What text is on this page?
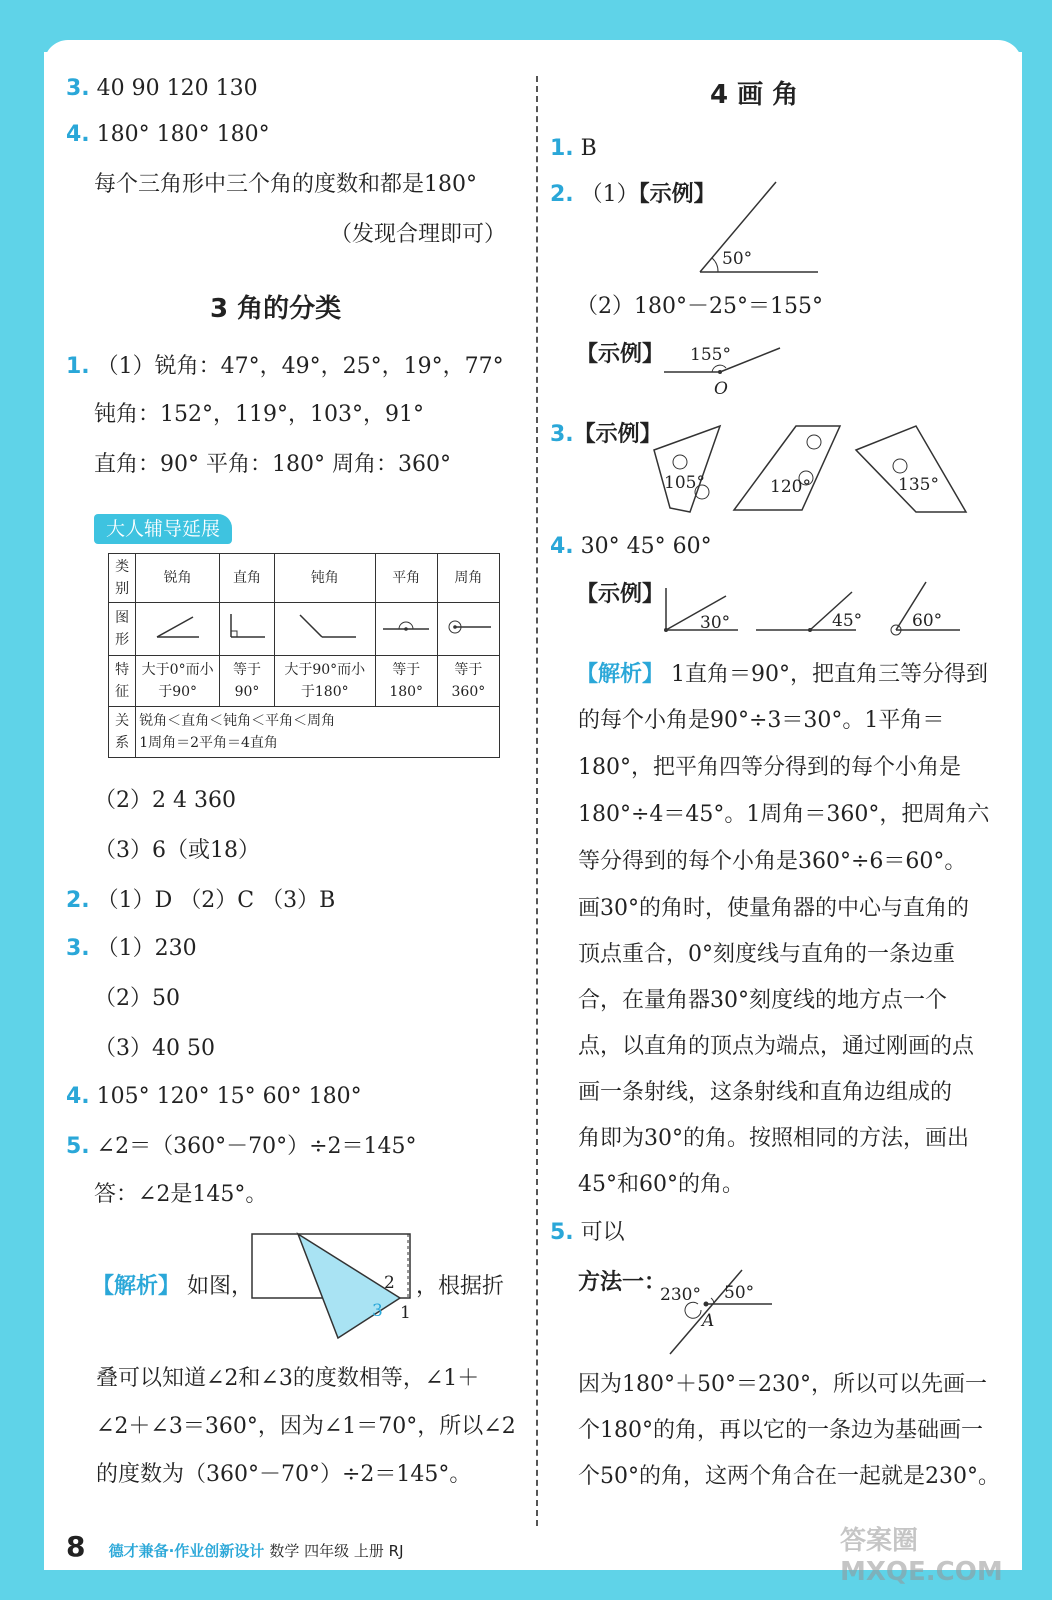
3. 40 90 120 130
4. 180° 180° 180°
每个三角形中三个角的度数和都是180°
（发现合理即可）
3 角的分类
1. （1）锐角：47°，49°，25°，19°，77°
钝角：152°，119°，103°，91°
直角：90° 平角：180° 周角：360°
大人辅导延展
类别	锐角	直角	钝角	平角	周角
图形					
特征	大于0°而小于90°	等于90°	大于90°而小于180°	等于180°	等于360°
关系	锐角＜直角＜钝角＜平角＜周角
1周角＝2平角＝4直角				
（2）2 4 360
（3）6（或18）
2. （1）D （2）C （3）B
3. （1）230
（2）50
（3）40 50
4. 105° 120° 15° 60° 180°
5. ∠2＝（360°－70°）÷2＝145°
答：∠2是145°。
【解析】 如图，	2
3 1
，根据折
叠可以知道∠2和∠3的度数相等，∠1＋
∠2＋∠3＝360°，因为∠1＝70°，所以∠2
的度数为（360°－70°）÷2＝145°。
4 画 角
1. B
2. （1）【示例】
50°
（2）180°－25°＝155°
【示例】 155°
O
3.【示例】
105°	120°	135°
4. 30° 45° 60°
【示例】
30°	45°	60°
【解析】 1直角＝90°，把直角三等分得到
的每个小角是90°÷3＝30°。1平角＝
180°，把平角四等分得到的每个小角是
180°÷4＝45°。1周角＝360°，把周角六
等分得到的每个小角是360°÷6＝60°。
画30°的角时，使量角器的中心与直角的
顶点重合，0°刻度线与直角的一条边重
合，在量角器30°刻度线的地方点一个
点，以直角的顶点为端点，通过刚画的点
画一条射线，这条射线和直角边组成的
角即为30°的角。按照相同的方法，画出
45°和60°的角。
5. 可以
方法一：
230° 50°
A
因为180°＋50°＝230°，所以可以先画一
个180°的角，再以它的一条边为基础画一
个50°的角，这两个角合在一起就是230°。
8 德才兼备·作业创新设计 数学 四年级 上册 RJ	答案圈 MXQE.COM
